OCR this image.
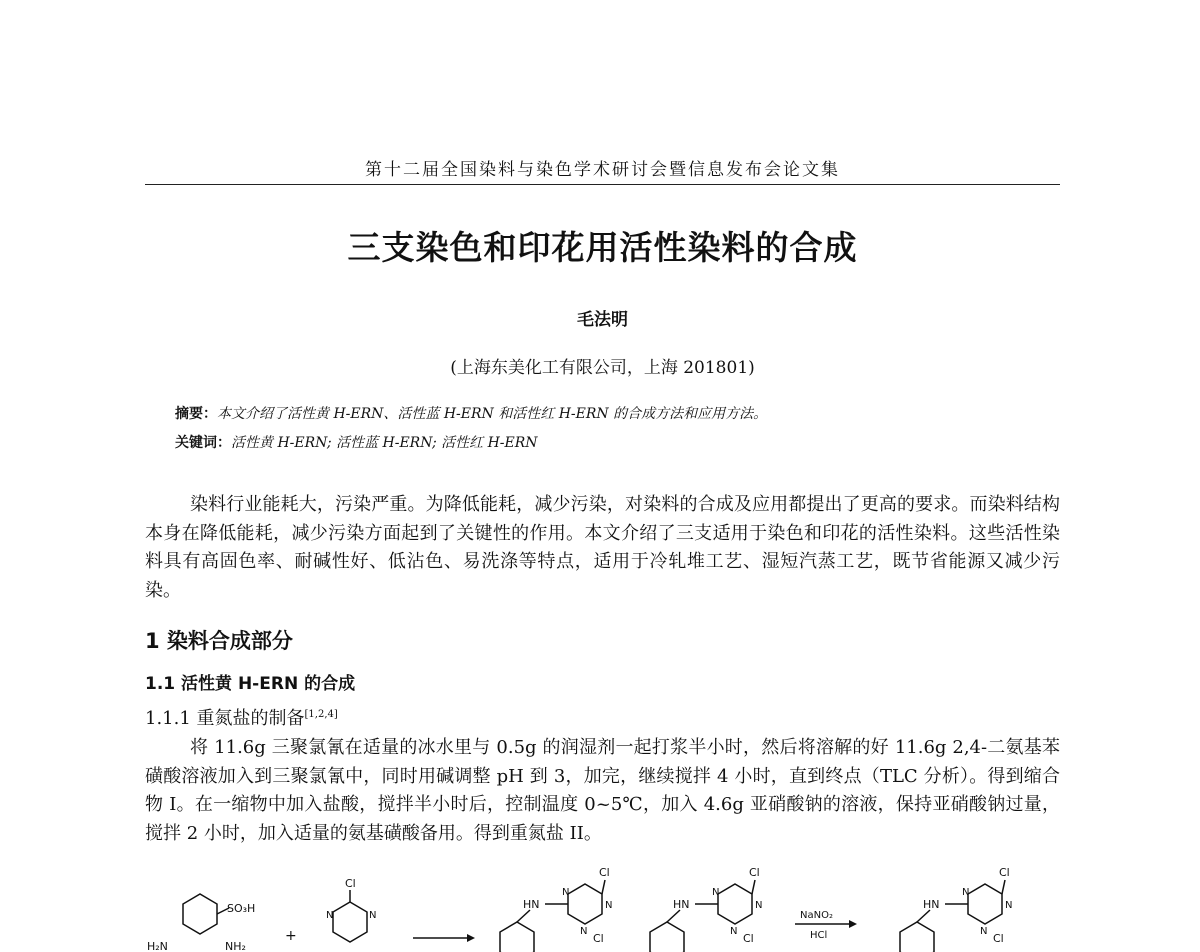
第十二届全国染料与染色学术研讨会暨信息发布会论文集
三支染色和印花用活性染料的合成
毛法明
(上海东美化工有限公司，上海 201801)
摘要：本文介绍了活性黄 H-ERN、活性蓝 H-ERN 和活性红 H-ERN 的合成方法和应用方法。
关键词：活性黄 H-ERN; 活性蓝 H-ERN; 活性红 H-ERN

染料行业能耗大，污染严重。为降低能耗，减少污染，对染料的合成及应用都提出了更高的要求。而染料结构本身在降低能耗，减少污染方面起到了关键性的作用。本文介绍了三支适用于染色和印花的活性染料。这些活性染料具有高固色率、耐碱性好、低沾色、易洗涤等特点，适用于冷轧堆工艺、湿短汽蒸工艺，既节省能源又减少污染。

1 染料合成部分
1.1 活性黄 H-ERN 的合成
1.1.1 重氮盐的制备[1,2,4]

将 11.6g 三聚氯氰在适量的冰水里与 0.5g 的润湿剂一起打浆半小时，然后将溶解的好 11.6g 2,4-二氨基苯磺酸溶液加入到三聚氯氰中，同时用碱调整 pH 到 3，加完，继续搅拌 4 小时，直到终点（TLC 分析）。得到缩合物 I。在一缩物中加入盐酸，搅拌半小时后，控制温度 0~5℃，加入 4.6g 亚硝酸钠的溶液，保持亚硝酸钠过量，搅拌 2 小时，加入适量的氨基磺酸备用。得到重氮盐 II。

SO₃H
H₂N	NH₂
+
Cl
N	N
HN
Cl
Cl
N
N
N
HN
Cl
Cl
N
N
N
NaNO₂
HCl
HN
Cl
Cl
N
N
N
